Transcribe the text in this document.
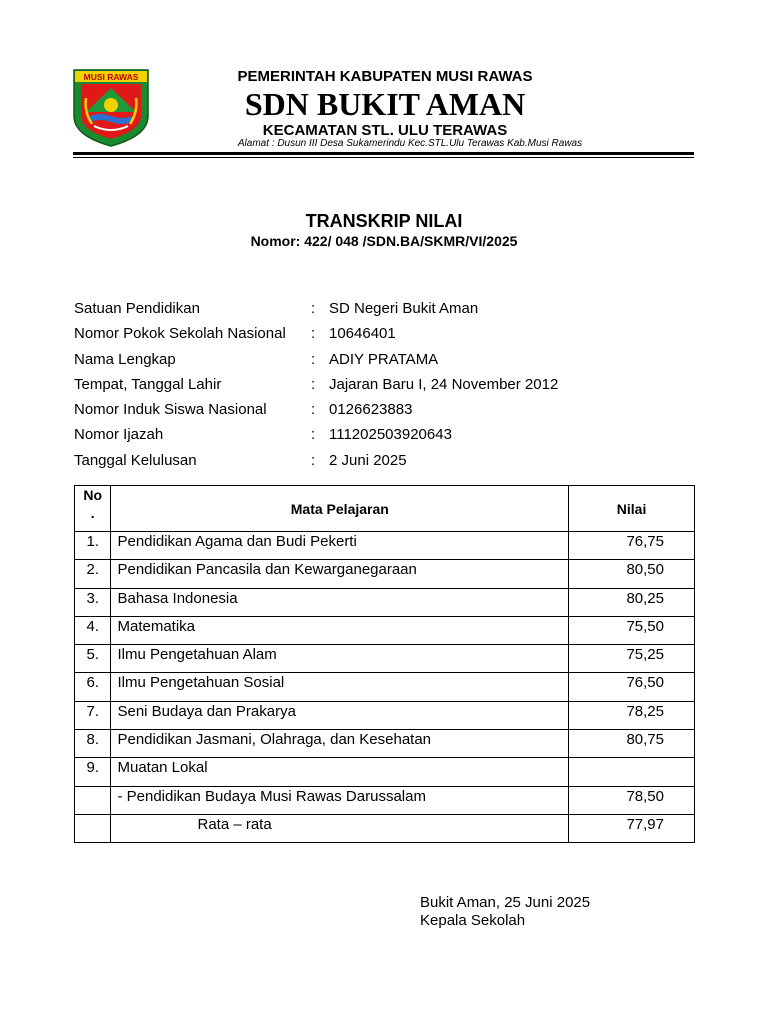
MUSI RAWAS	PEMERINTAH KABUPATEN MUSI RAWAS
SDN BUKIT AMAN
KECAMATAN STL. ULU TERAWAS
Alamat : Dusun III Desa Sukamerindu Kec.STL.Ulu Terawas Kab.Musi Rawas
TRANSKRIP NILAI
Nomor: 422/ 048 /SDN.BA/SKMR/VI/2025
Satuan Pendidikan	: SD Negeri Bukit Aman
Nomor Pokok Sekolah Nasional : 10646401
Nama Lengkap	: ADIY PRATAMA
Tempat, Tanggal Lahir	: Jajaran Baru I, 24 November 2012
Nomor Induk Siswa Nasional	: 0126623883
Nomor Ijazah	: 111202503920643
Tanggal Kelulusan	: 2 Juni 2025
No
.	Mata Pelajaran	Nilai
1.	Pendidikan Agama dan Budi Pekerti	76,75
2.	Pendidikan Pancasila dan Kewarganegaraan	80,50
3.	Bahasa Indonesia	80,25
4.	Matematika	75,50
5.	Ilmu Pengetahuan Alam	75,25
6.	Ilmu Pengetahuan Sosial	76,50
7.	Seni Budaya dan Prakarya	78,25
8.	Pendidikan Jasmani, Olahraga, dan Kesehatan	80,75
9.	Muatan Lokal	
	- Pendidikan Budaya Musi Rawas Darussalam	78,50
	Rata – rata	77,97
Bukit Aman, 25 Juni 2025
Kepala Sekolah
